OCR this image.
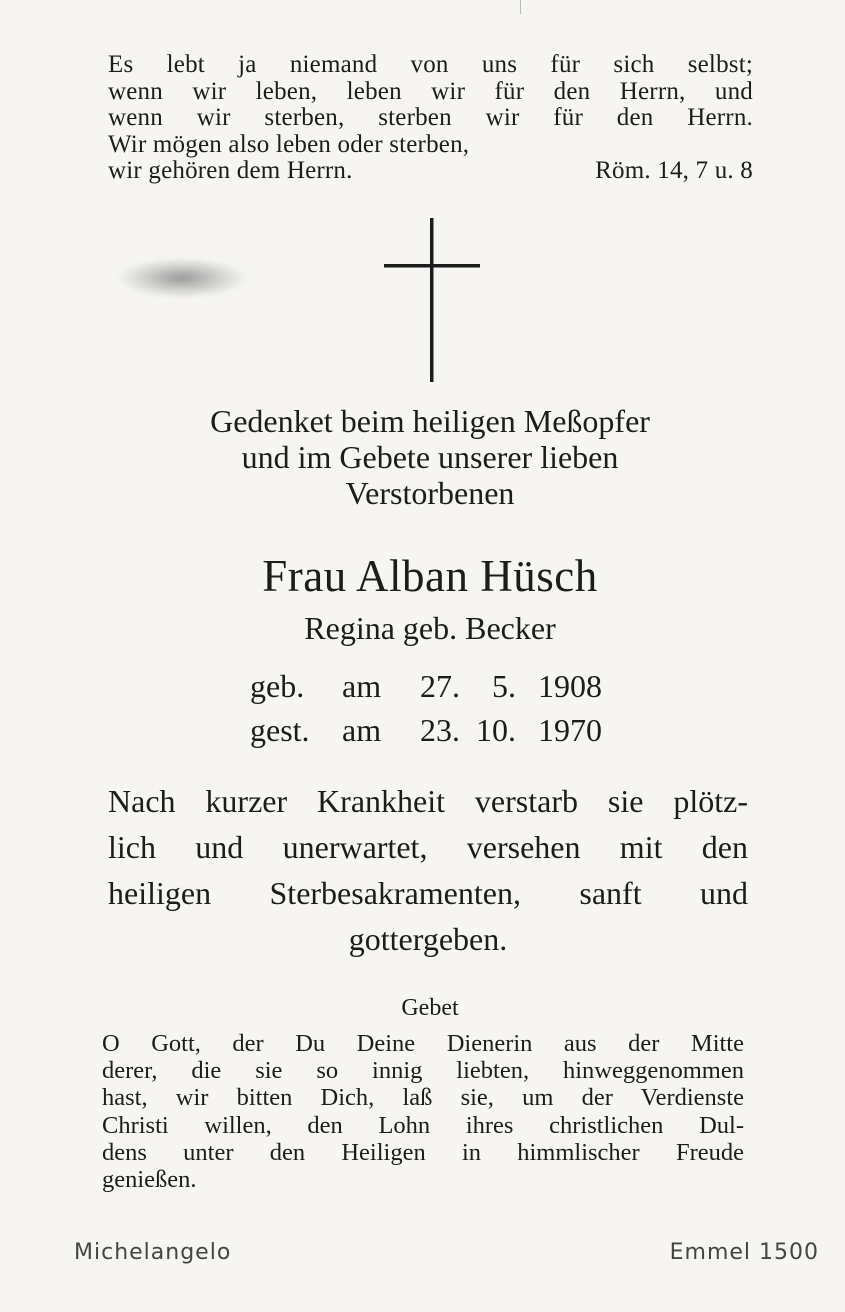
Es lebt ja niemand von uns für sich selbst;
wenn wir leben, leben wir für den Herrn, und
wenn wir sterben, sterben wir für den Herrn.
Wir mögen also leben oder sterben,
wir gehören dem Herrn.	Röm. 14, 7 u. 8
Gedenket beim heiligen Meßopfer
und im Gebete unserer lieben
Verstorbenen
Frau Alban Hüsch
Regina geb. Becker
geb.	am	27.	5. 1908
gest.	am	23. 10. 1970
Nach kurzer Krankheit verstarb sie plötz-
lich und unerwartet, versehen mit den
heiligen Sterbesakramenten, sanft und
gottergeben.
Gebet
O Gott, der Du Deine Dienerin aus der Mitte
derer, die sie so innig liebten, hinweggenommen
hast, wir bitten Dich, laß sie, um der Verdienste
Christi willen, den Lohn ihres christlichen Dul-
dens unter den Heiligen in himmlischer Freude
genießen.
Michelangelo	Emmel 1500
